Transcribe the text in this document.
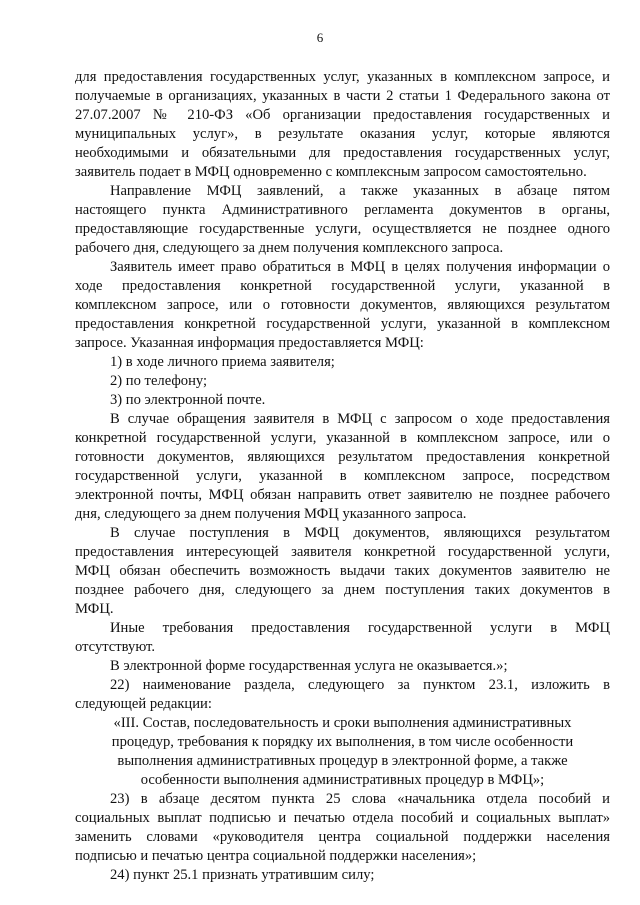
6
для предоставления государственных услуг, указанных в комплексном запросе, и
получаемые в организациях, указанных в части 2 статьи 1 Федерального закона от
27.07.2007 № 210-ФЗ «Об организации предоставления государственных и
муниципальных услуг», в результате оказания услуг, которые являются
необходимыми и обязательными для предоставления государственных услуг,
заявитель подает в МФЦ одновременно с комплексным запросом самостоятельно.
Направление МФЦ заявлений, а также указанных в абзаце пятом
настоящего пункта Административного регламента документов в органы,
предоставляющие государственные услуги, осуществляется не позднее одного
рабочего дня, следующего за днем получения комплексного запроса.
Заявитель имеет право обратиться в МФЦ в целях получения информации о
ходе предоставления конкретной государственной услуги, указанной в
комплексном запросе, или о готовности документов, являющихся результатом
предоставления конкретной государственной услуги, указанной в комплексном
запросе. Указанная информация предоставляется МФЦ:
1) в ходе личного приема заявителя;
2) по телефону;
3) по электронной почте.
В случае обращения заявителя в МФЦ с запросом о ходе предоставления
конкретной государственной услуги, указанной в комплексном запросе, или о
готовности документов, являющихся результатом предоставления конкретной
государственной услуги, указанной в комплексном запросе, посредством
электронной почты, МФЦ обязан направить ответ заявителю не позднее рабочего
дня, следующего за днем получения МФЦ указанного запроса.
В случае поступления в МФЦ документов, являющихся результатом
предоставления интересующей заявителя конкретной государственной услуги,
МФЦ обязан обеспечить возможность выдачи таких документов заявителю не
позднее рабочего дня, следующего за днем поступления таких документов в
МФЦ.
Иные требования предоставления государственной услуги в МФЦ
отсутствуют.
В электронной форме государственная услуга не оказывается.»;
22) наименование раздела, следующего за пунктом 23.1, изложить в
следующей редакции:
«III. Состав, последовательность и сроки выполнения административных
процедур, требования к порядку их выполнения, в том числе особенности
выполнения административных процедур в электронной форме, а также
особенности выполнения административных процедур в МФЦ»;
23) в абзаце десятом пункта 25 слова «начальника отдела пособий и
социальных выплат подписью и печатью отдела пособий и социальных выплат»
заменить словами «руководителя центра социальной поддержки населения
подписью и печатью центра социальной поддержки населения»;
24) пункт 25.1 признать утратившим силу;
